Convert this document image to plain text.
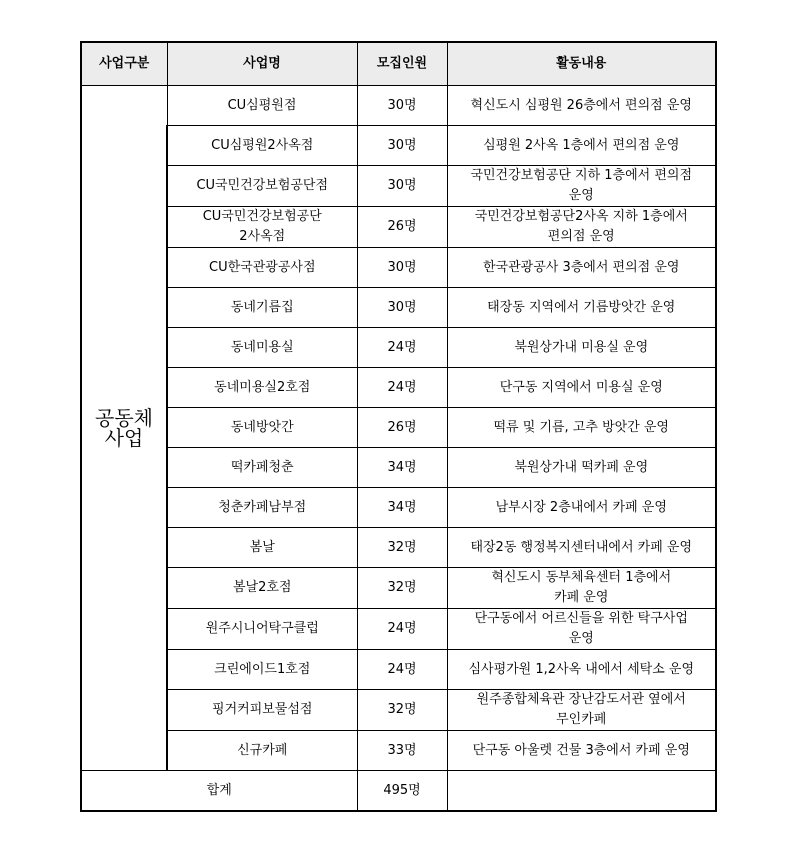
사업구분	사업명	모집인원	활동내용

공동체
사업	CU심평원점	30명	혁신도시 심평원 26층에서 편의점 운영

	CU심평원2사옥점	30명	심평원 2사옥 1층에서 편의점 운영

	CU국민건강보험공단점	30명	국민건강보험공단 지하 1층에서 편의점
운영

	CU국민건강보험공단
2사옥점	26명	국민건강보험공단2사옥 지하 1층에서
편의점 운영

	CU한국관광공사점	30명	한국관광공사 3층에서 편의점 운영

	동네기름집	30명	태장동 지역에서 기름방앗간 운영

	동네미용실	24명	북원상가내 미용실 운영

	동네미용실2호점	24명	단구동 지역에서 미용실 운영

	동네방앗간	26명	떡류 및 기름, 고추 방앗간 운영

	떡카페청춘	34명	북원상가내 떡카페 운영

	청춘카페남부점	34명	남부시장 2층내에서 카페 운영

	봄날	32명	태장2동 행정복지센터내에서 카페 운영

	봄날2호점	32명	혁신도시 동부체육센터 1층에서
카페 운영

	원주시니어탁구클럽	24명	단구동에서 어르신들을 위한 탁구사업
운영

	크린에이드1호점	24명	심사평가원 1,2사옥 내에서 세탁소 운영

	핑거커피보물섬점	32명	원주종합체육관 장난감도서관 옆에서
무인카페

	신규카페	33명	단구동 아울렛 건물 3층에서 카페 운영

합계		495명	
